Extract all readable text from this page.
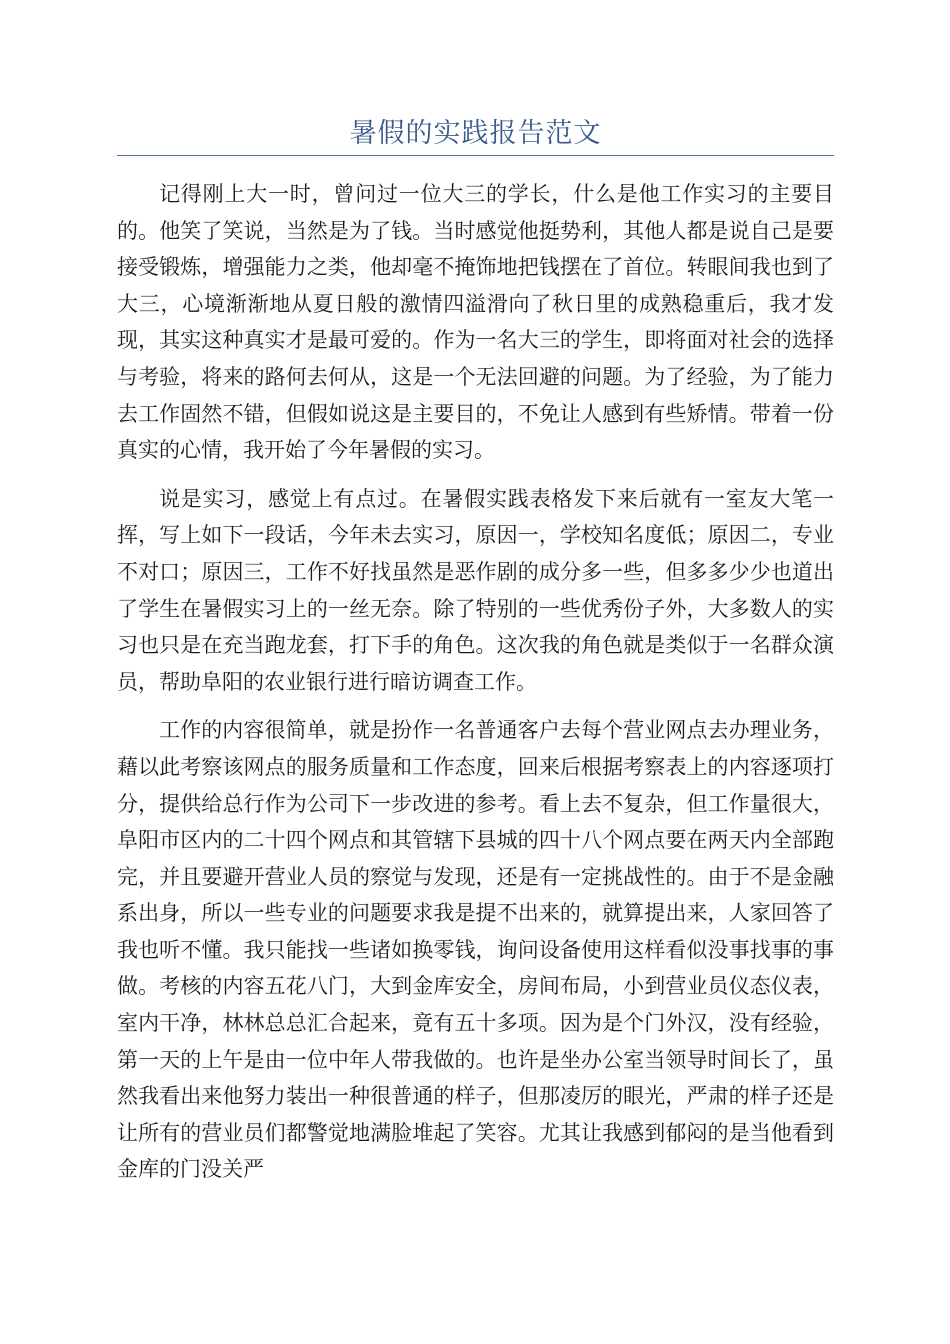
暑假的实践报告范文

记得刚上大一时，曾问过一位大三的学长，什么是他工作实习的主要目的。他笑了笑说，当然是为了钱。当时感觉他挺势利，其他人都是说自己是要接受锻炼，增强能力之类，他却毫不掩饰地把钱摆在了首位。转眼间我也到了大三，心境渐渐地从夏日般的激情四溢滑向了秋日里的成熟稳重后，我才发现，其实这种真实才是最可爱的。作为一名大三的学生，即将面对社会的选择与考验，将来的路何去何从，这是一个无法回避的问题。为了经验，为了能力去工作固然不错，但假如说这是主要目的，不免让人感到有些矫情。带着一份真实的心情，我开始了今年暑假的实习。

说是实习，感觉上有点过。在暑假实践表格发下来后就有一室友大笔一挥，写上如下一段话，今年未去实习，原因一，学校知名度低；原因二，专业不对口；原因三，工作不好找虽然是恶作剧的成分多一些，但多多少少也道出了学生在暑假实习上的一丝无奈。除了特别的一些优秀份子外，大多数人的实习也只是在充当跑龙套，打下手的角色。这次我的角色就是类似于一名群众演员，帮助阜阳的农业银行进行暗访调查工作。

工作的内容很简单，就是扮作一名普通客户去每个营业网点去办理业务，藉以此考察该网点的服务质量和工作态度，回来后根据考察表上的内容逐项打分，提供给总行作为公司下一步改进的参考。看上去不复杂，但工作量很大，阜阳市区内的二十四个网点和其管辖下县城的四十八个网点要在两天内全部跑完，并且要避开营业人员的察觉与发现，还是有一定挑战性的。由于不是金融系出身，所以一些专业的问题要求我是提不出来的，就算提出来，人家回答了我也听不懂。我只能找一些诸如换零钱，询问设备使用这样看似没事找事的事做。考核的内容五花八门，大到金库安全，房间布局，小到营业员仪态仪表，室内干净，林林总总汇合起来，竟有五十多项。因为是个门外汉，没有经验，第一天的上午是由一位中年人带我做的。也许是坐办公室当领导时间长了，虽然我看出来他努力装出一种很普通的样子，但那凌厉的眼光，严肃的样子还是让所有的营业员们都警觉地满脸堆起了笑容。尤其让我感到郁闷的是当他看到金库的门没关严
